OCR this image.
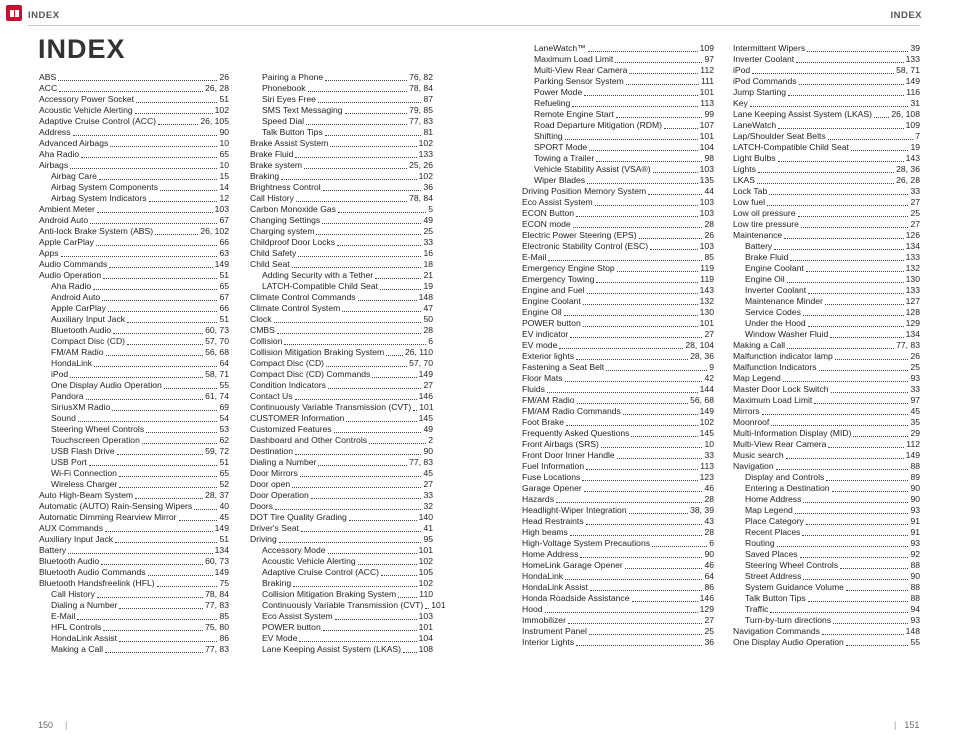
INDEX	INDEX
INDEX
ABS	26
ACC	26, 28
Accessory Power Socket	51
Acoustic Vehicle Alerting	102
Adaptive Cruise Control (ACC)	26, 105
Address	90
Advanced Airbags	10
Aha Radio	65
Airbags	10
Airbag Care	15
Airbag System Components	14
Airbag System Indicators	12
Ambient Meter	103
Android Auto	67
Anti-lock Brake System (ABS)	26, 102
Apple CarPlay	66
Apps	63
Audio Commands	149
Audio Operation	51
Aha Radio	65
Android Auto	67
Apple CarPlay	66
Auxiliary Input Jack	51
Bluetooth Audio	60, 73
Compact Disc (CD)	57, 70
FM/AM Radio	56, 68
HondaLink	64
iPod	58, 71
One Display Audio Operation	55
Pandora	61, 74
SiriusXM Radio	69
Sound	54
Steering Wheel Controls	53
Touchscreen Operation	62
USB Flash Drive	59, 72
USB Port	51
Wi-Fi Connection	65
Wireless Charger	52
Auto High-Beam System	28, 37
Automatic (AUTO) Rain-Sensing Wipers	40
Automatic Dimming Rearview Mirror	45
AUX Commands	149
Auxiliary Input Jack	51
Battery	134
Bluetooth Audio	60, 73
Bluetooth Audio Commands	149
Bluetooth Handsfreelink (HFL)	75
Call History	78, 84
Dialing a Number	77, 83
E-Mail	85
HFL Controls	75, 80
HondaLink Assist	86
Making a Call	77, 83
Pairing a Phone	76, 82
Phonebook	78, 84
Siri Eyes Free	87
SMS Text Messaging	79, 85
Speed Dial	77, 83
Talk Button Tips	81
Brake Assist System	102
Brake Fluid	133
Brake system	25, 26
Braking	102
Brightness Control	36
Call History	78, 84
Carbon Monoxide Gas	5
Changing Settings	49
Charging system	25
Childproof Door Locks	33
Child Safety	16
Child Seat	18
Adding Security with a Tether	21
LATCH-Compatible Child Seat	19
Climate Control Commands	148
Climate Control System	47
Clock	50
CMBS	28
Collision	6
Collision Mitigation Braking System 26, 110
Compact Disc (CD)	57, 70
Compact Disc (CD) Commands	149
Condition Indicators	27
Contact Us	146
Continuously Variable Transmission (CVT) 101
CUSTOMER Information	145
Customized Features	49
Dashboard and Other Controls	2
Destination	90
Dialing a Number	77, 83
Door Mirrors	45
Door open	27
Door Operation	33
Doors	32
DOT Tire Quality Grading	140
Driver's Seat	41
Driving	95
Accessory Mode	101
Acoustic Vehicle Alerting	102
Adaptive Cruise Control (ACC)	105
Braking	102
Collision Mitigation Braking System	110
Continuously Variable Transmission (CVT) 101
Eco Assist System	103
POWER button	101
EV Mode	104
Lane Keeping Assist System (LKAS) 108
LaneWatch™	109
Maximum Load Limit	97
Multi-View Rear Camera	112
Parking Sensor System	111
Power Mode	101
Refueling	113
Remote Engine Start	99
Road Departure Mitigation (RDM)	107
Shifting	101
SPORT Mode	104
Towing a Trailer	98
Vehicle Stability Assist (VSA®)	103
Wiper Blades	135
Driving Position Memory System	44
Eco Assist System	103
ECON Button	103
ECON mode	28
Electric Power Steering (EPS)	26
Electronic Stability Control (ESC)	103
E-Mail	85
Emergency Engine Stop	119
Emergency Towing	119
Engine and Fuel	143
Engine Coolant	132
Engine Oil	130
POWER button	101
EV indicator	27
EV mode	28, 104
Exterior lights	28, 36
Fastening a Seat Belt	9
Floor Mats	42
Fluids	144
FM/AM Radio	56, 68
FM/AM Radio Commands	149
Foot Brake	102
Frequently Asked Questions	145
Front Airbags (SRS)	10
Front Door Inner Handle	33
Fuel Information	113
Fuse Locations	123
Garage Opener	46
Hazards	28
Headlight-Wiper Integration	38, 39
Head Restraints	43
High beams	28
High-Voltage System Precautions	6
Home Address	90
HomeLink Garage Opener	46
HondaLink	64
HondaLink Assist	86
Honda Roadside Assistance	146
Hood	129
Immobilizer	27
Instrument Panel	25
Interior Lights	36
Intermittent Wipers	39
Inverter Coolant	133
iPod	58, 71
iPod Commands	149
Jump Starting	116
Key	31
Lane Keeping Assist System (LKAS) 26, 108
LaneWatch	109
Lap/Shoulder Seat Belts	7
LATCH-Compatible Child Seat	19
Light Bulbs	143
Lights	28, 36
LKAS	26, 28
Lock Tab	33
Low fuel	27
Low oil pressure	25
Low tire pressure	27
Maintenance	126
Battery	134
Brake Fluid	133
Engine Coolant	132
Engine Oil	130
Inverter Coolant	133
Maintenance Minder	127
Service Codes	128
Under the Hood	129
Window Washer Fluid	134
Making a Call	77, 83
Malfunction indicator lamp	26
Malfunction Indicators	25
Map Legend	93
Master Door Lock Switch	33
Maximum Load Limit	97
Mirrors	45
Moonroof	35
Multi-Information Display (MID)	29
Multi-View Rear Camera	112
Music search	149
Navigation	88
Display and Controls	89
Entering a Destination	90
Home Address	90
Map Legend	93
Place Category	91
Recent Places	91
Routing	93
Saved Places	92
Steering Wheel Controls	88
Street Address	90
System Guidance Volume	88
Talk Button Tips	88
Traffic	94
Turn-by-turn directions	93
Navigation Commands	148
One Display Audio Operation	55
150 |	| 151
